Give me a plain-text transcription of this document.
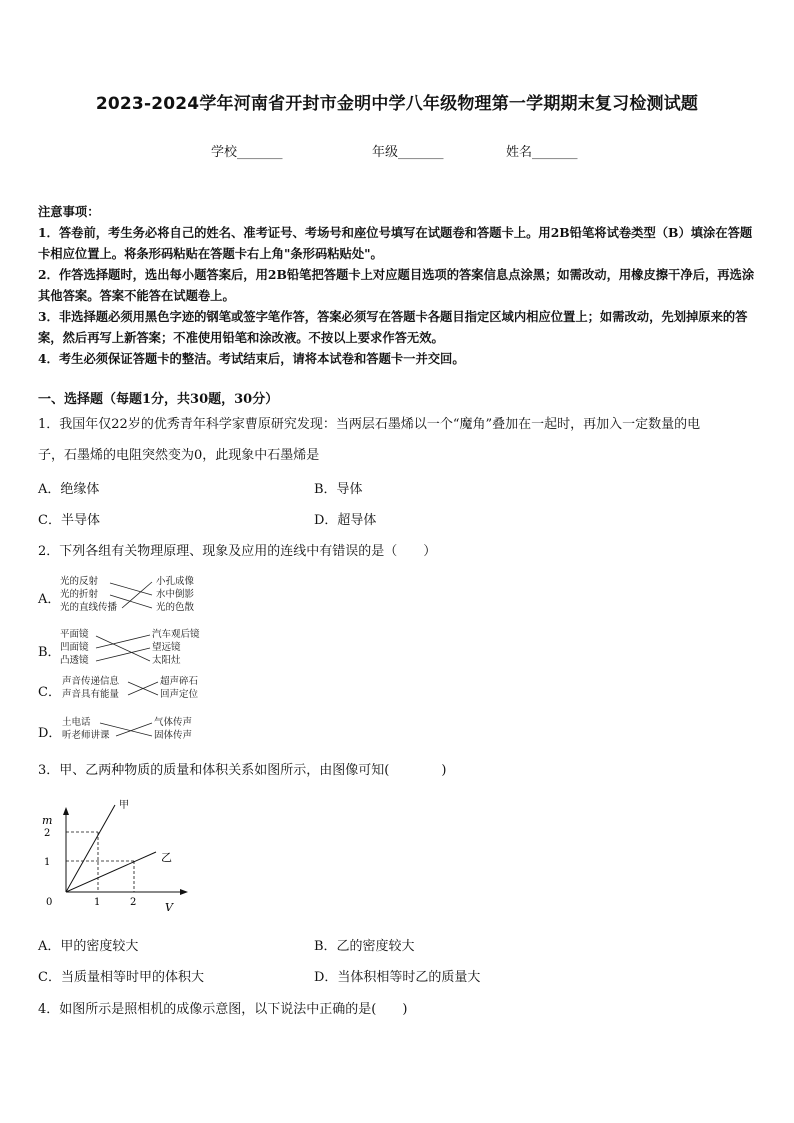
2023-2024学年河南省开封市金明中学八年级物理第一学期期末复习检测试题
学校_______	年级_______	姓名_______

注意事项：

1．答卷前，考生务必将自己的姓名、准考证号、考场号和座位号填写在试题卷和答题卡上。用2B铅笔将试卷类型（B）填涂在答题卡相应位置上。将条形码粘贴在答题卡右上角"条形码粘贴处"。

2．作答选择题时，选出每小题答案后，用2B铅笔把答题卡上对应题目选项的答案信息点涂黑；如需改动，用橡皮擦干净后，再选涂其他答案。答案不能答在试题卷上。

3．非选择题必须用黑色字迹的钢笔或签字笔作答，答案必须写在答题卡各题目指定区域内相应位置上；如需改动，先划掉原来的答案，然后再写上新答案；不准使用铅笔和涂改液。不按以上要求作答无效。

4．考生必须保证答题卡的整洁。考试结束后，请将本试卷和答题卡一并交回。

一、选择题（每题1分，共30题，30分）
1．我国年仅22岁的优秀青年科学家曹原研究发现：当两层石墨烯以一个“魔角”叠加在一起时，再加入一定数量的电
子，石墨烯的电阻突然变为0，此现象中石墨烯是
A．绝缘体	B．导体
C．半导体	D．超导体
2．下列各组有关物理原理、现象及应用的连线中有错误的是（　　）
A．
光的反射
光的折射
光的直线传播
小孔成像
水中倒影
光的色散
B．
平面镜
凹面镜
凸透镜
汽车观后镜
望远镜
太阳灶
C．
声音传递信息
声音具有能量
超声碎石
回声定位
D．
土电话
听老师讲课
气体传声
固体传声
3．甲、乙两种物质的质量和体积关系如图所示，由图像可知(　　　　)
m
V
0	1	2
1
2
甲
乙
A．甲的密度较大	B．乙的密度较大
C．当质量相等时甲的体积大	D．当体积相等时乙的质量大
4．如图所示是照相机的成像示意图，以下说法中正确的是(　　)
